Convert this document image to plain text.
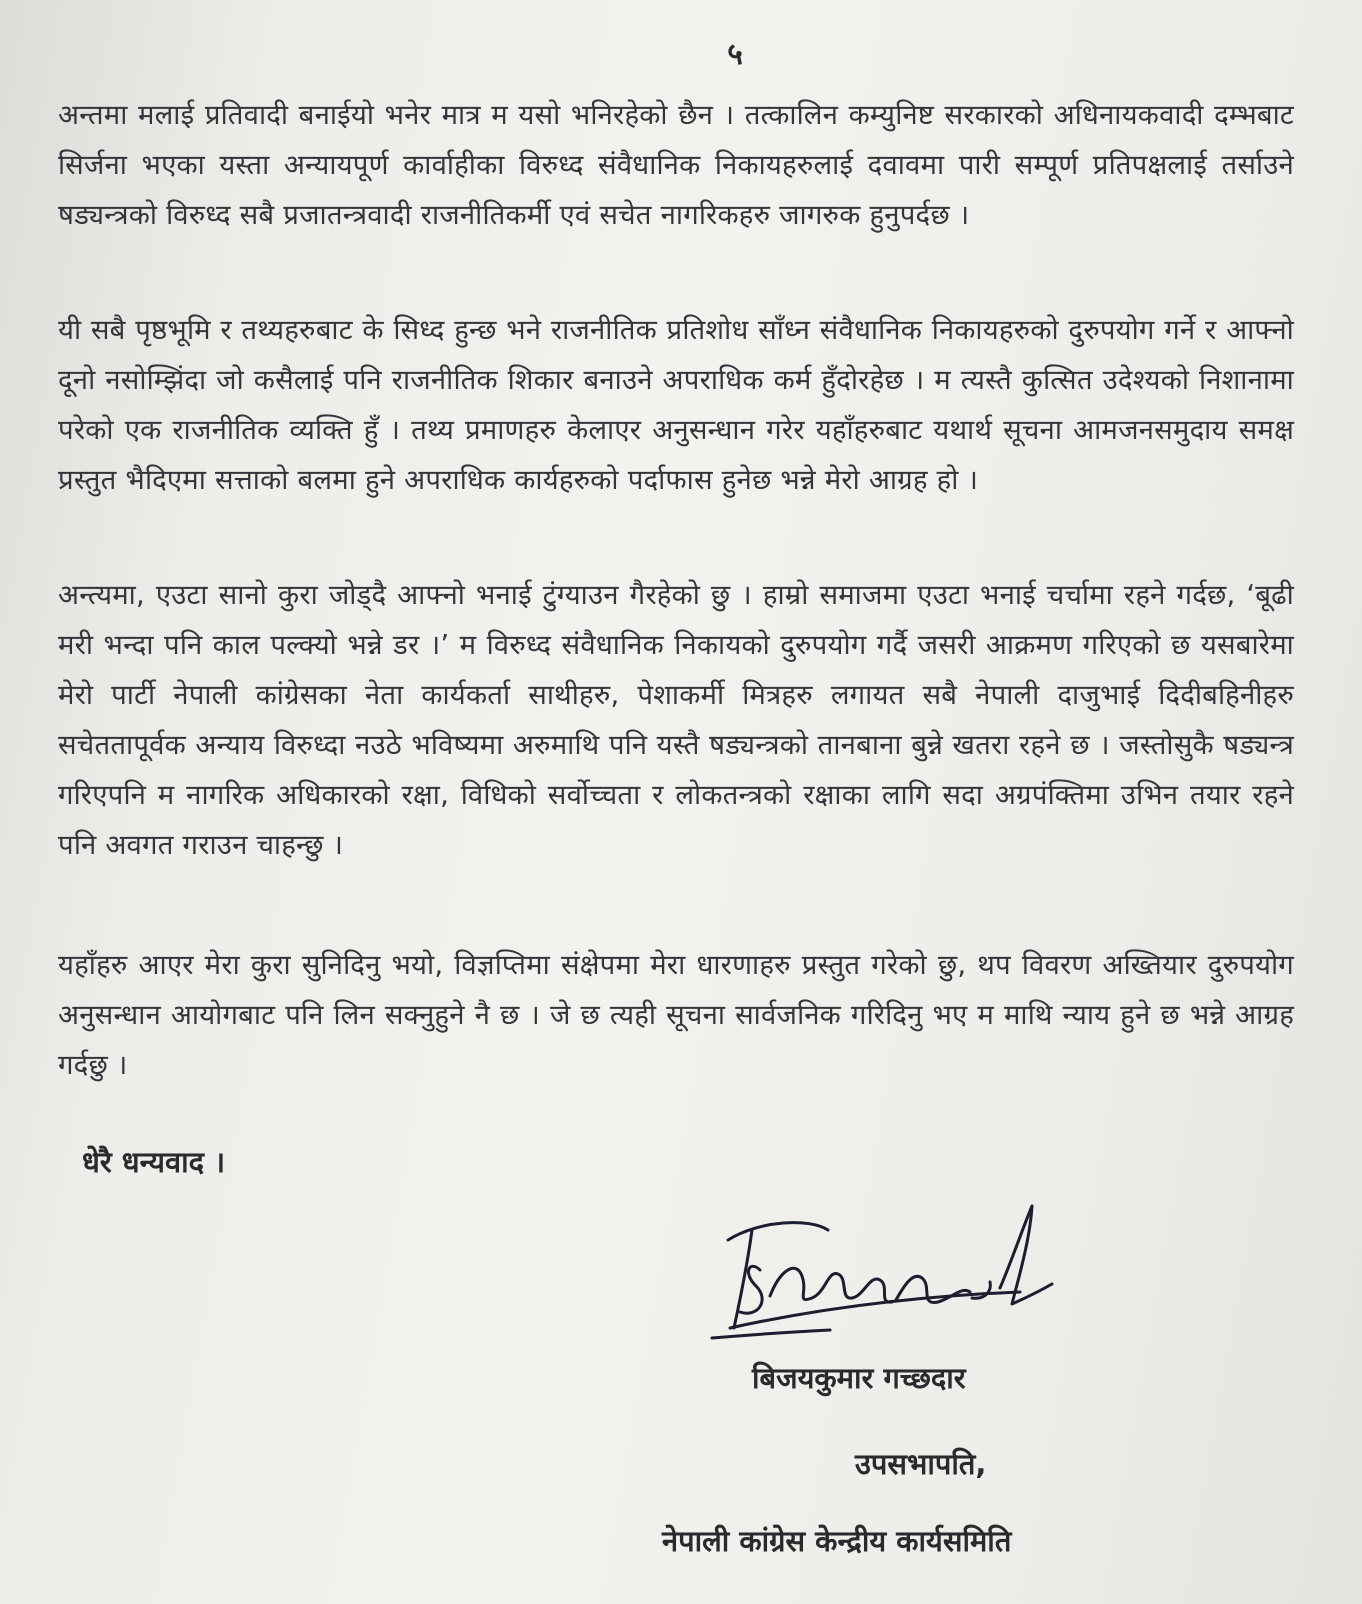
५

अन्तमा मलाई प्रतिवादी बनाईयो भनेर मात्र म यसो भनिरहेको छैन । तत्कालिन कम्युनिष्ट सरकारको अधिनायकवादी दम्भबाट सिर्जना भएका यस्ता अन्यायपूर्ण कार्वाहीका विरुध्द संवैधानिक निकायहरुलाई दवावमा पारी सम्पूर्ण प्रतिपक्षलाई तर्साउने षड्यन्त्रको विरुध्द सबै प्रजातन्त्रवादी राजनीतिकर्मी एवं सचेत नागरिकहरु जागरुक हुनुपर्दछ ।

यी सबै पृष्ठभूमि र तथ्यहरुबाट के सिध्द हुन्छ भने राजनीतिक प्रतिशोध साँध्न संवैधानिक निकायहरुको दुरुपयोग गर्ने र आफ्नो दूनो नसोम्झिंदा जो कसैलाई पनि राजनीतिक शिकार बनाउने अपराधिक कर्म हुँदोरहेछ । म त्यस्तै कुत्सित उदेश्यको निशानामा परेको एक राजनीतिक व्यक्ति हुँ । तथ्य प्रमाणहरु केलाएर अनुसन्धान गरेर यहाँहरुबाट यथार्थ सूचना आमजनसमुदाय समक्ष प्रस्तुत भैदिएमा सत्ताको बलमा हुने अपराधिक कार्यहरुको पर्दाफास हुनेछ भन्ने मेरो आग्रह हो ।

अन्त्यमा, एउटा सानो कुरा जोड्दै आफ्नो भनाई टुंग्याउन गैरहेको छु । हाम्रो समाजमा एउटा भनाई चर्चामा रहने गर्दछ, ‘बूढी मरी भन्दा पनि काल पल्क्यो भन्ने डर ।’ म विरुध्द संवैधानिक निकायको दुरुपयोग गर्दै जसरी आक्रमण गरिएको छ यसबारेमा मेरो पार्टी नेपाली कांग्रेसका नेता कार्यकर्ता साथीहरु, पेशाकर्मी मित्रहरु लगायत सबै नेपाली दाजुभाई दिदीबहिनीहरु सचेततापूर्वक अन्याय विरुध्दा नउठे भविष्यमा अरुमाथि पनि यस्तै षड्यन्त्रको तानबाना बुन्ने खतरा रहने छ । जस्तोसुकै षड्यन्त्र गरिएपनि म नागरिक अधिकारको रक्षा, विधिको सर्वोच्चता र लोकतन्त्रको रक्षाका लागि सदा अग्रपंक्तिमा उभिन तयार रहने पनि अवगत गराउन चाहन्छु ।

यहाँहरु आएर मेरा कुरा सुनिदिनु भयो, विज्ञप्तिमा संक्षेपमा मेरा धारणाहरु प्रस्तुत गरेको छु, थप विवरण अख्तियार दुरुपयोग अनुसन्धान आयोगबाट पनि लिन सक्नुहुने नै छ । जे छ त्यही सूचना सार्वजनिक गरिदिनु भए म माथि न्याय हुने छ भन्ने आग्रह गर्दछु ।

धेरै धन्यवाद ।
बिजयकुमार गच्छदार
उपसभापति,
नेपाली कांग्रेस केन्द्रीय कार्यसमिति
